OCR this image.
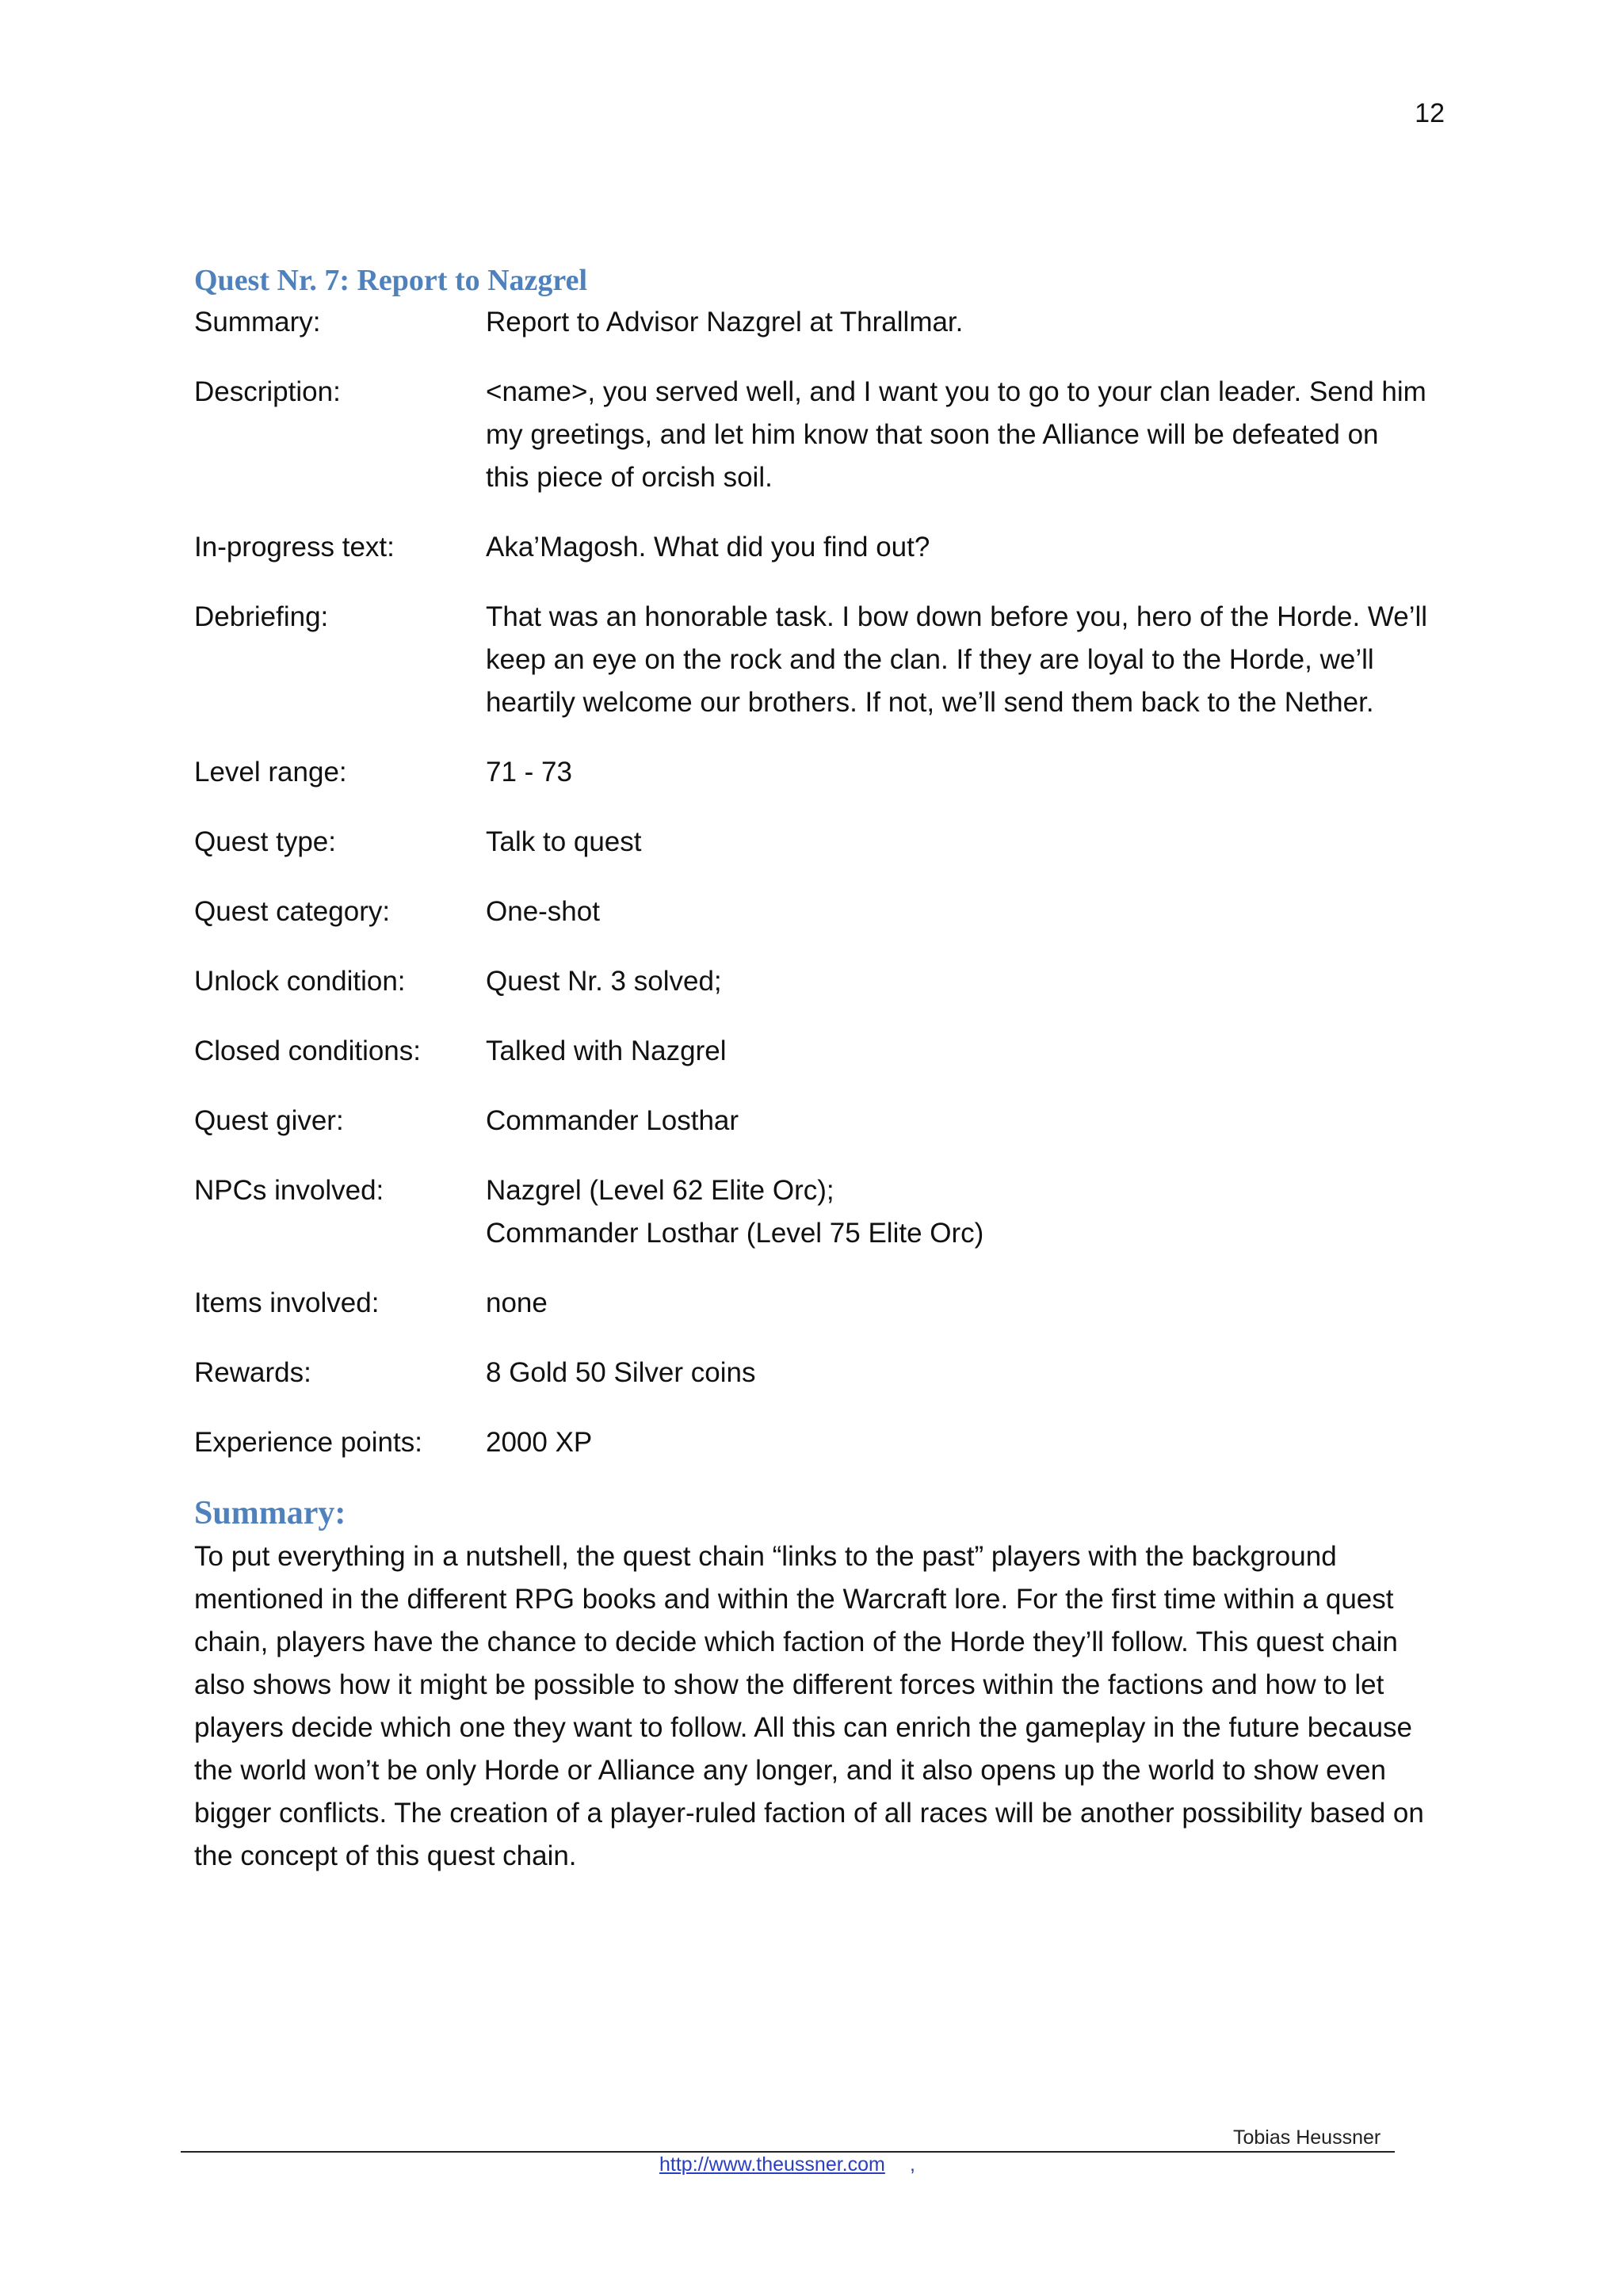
12
Quest Nr. 7: Report to Nazgrel
Summary:	Report to Advisor Nazgrel at Thrallmar.
Description:	<name>, you served well, and I want you to go to your clan leader. Send him
my greetings, and let him know that soon the Alliance will be defeated on
this piece of orcish soil.
In-progress text:	Aka’Magosh. What did you find out?
Debriefing:	That was an honorable task. I bow down before you, hero of the Horde. We’ll
keep an eye on the rock and the clan. If they are loyal to the Horde, we’ll
heartily welcome our brothers. If not, we’ll send them back to the Nether.
Level range:	71 - 73
Quest type:	Talk to quest
Quest category:	One-shot
Unlock condition:	Quest Nr. 3 solved;
Closed conditions:	Talked with Nazgrel
Quest giver:	Commander Losthar
NPCs involved:	Nazgrel (Level 62 Elite Orc);
Commander Losthar (Level 75 Elite Orc)
Items involved:	none
Rewards:	8 Gold 50 Silver coins
Experience points:	2000 XP
Summary:

To put everything in a nutshell, the quest chain “links to the past” players with the background mentioned in the different RPG books and within the Warcraft lore. For the first time within a quest chain, players have the chance to decide which faction of the Horde they’ll follow. This quest chain also shows how it might be possible to show the different forces within the factions and how to let players decide which one they want to follow. All this can enrich the gameplay in the future because the world won’t be only Horde or Alliance any longer, and it also opens up the world to show even bigger conflicts. The creation of a player-ruled faction of all races will be another possibility based on the concept of this quest chain.

Tobias Heussner
http://www.theussner.com ,
